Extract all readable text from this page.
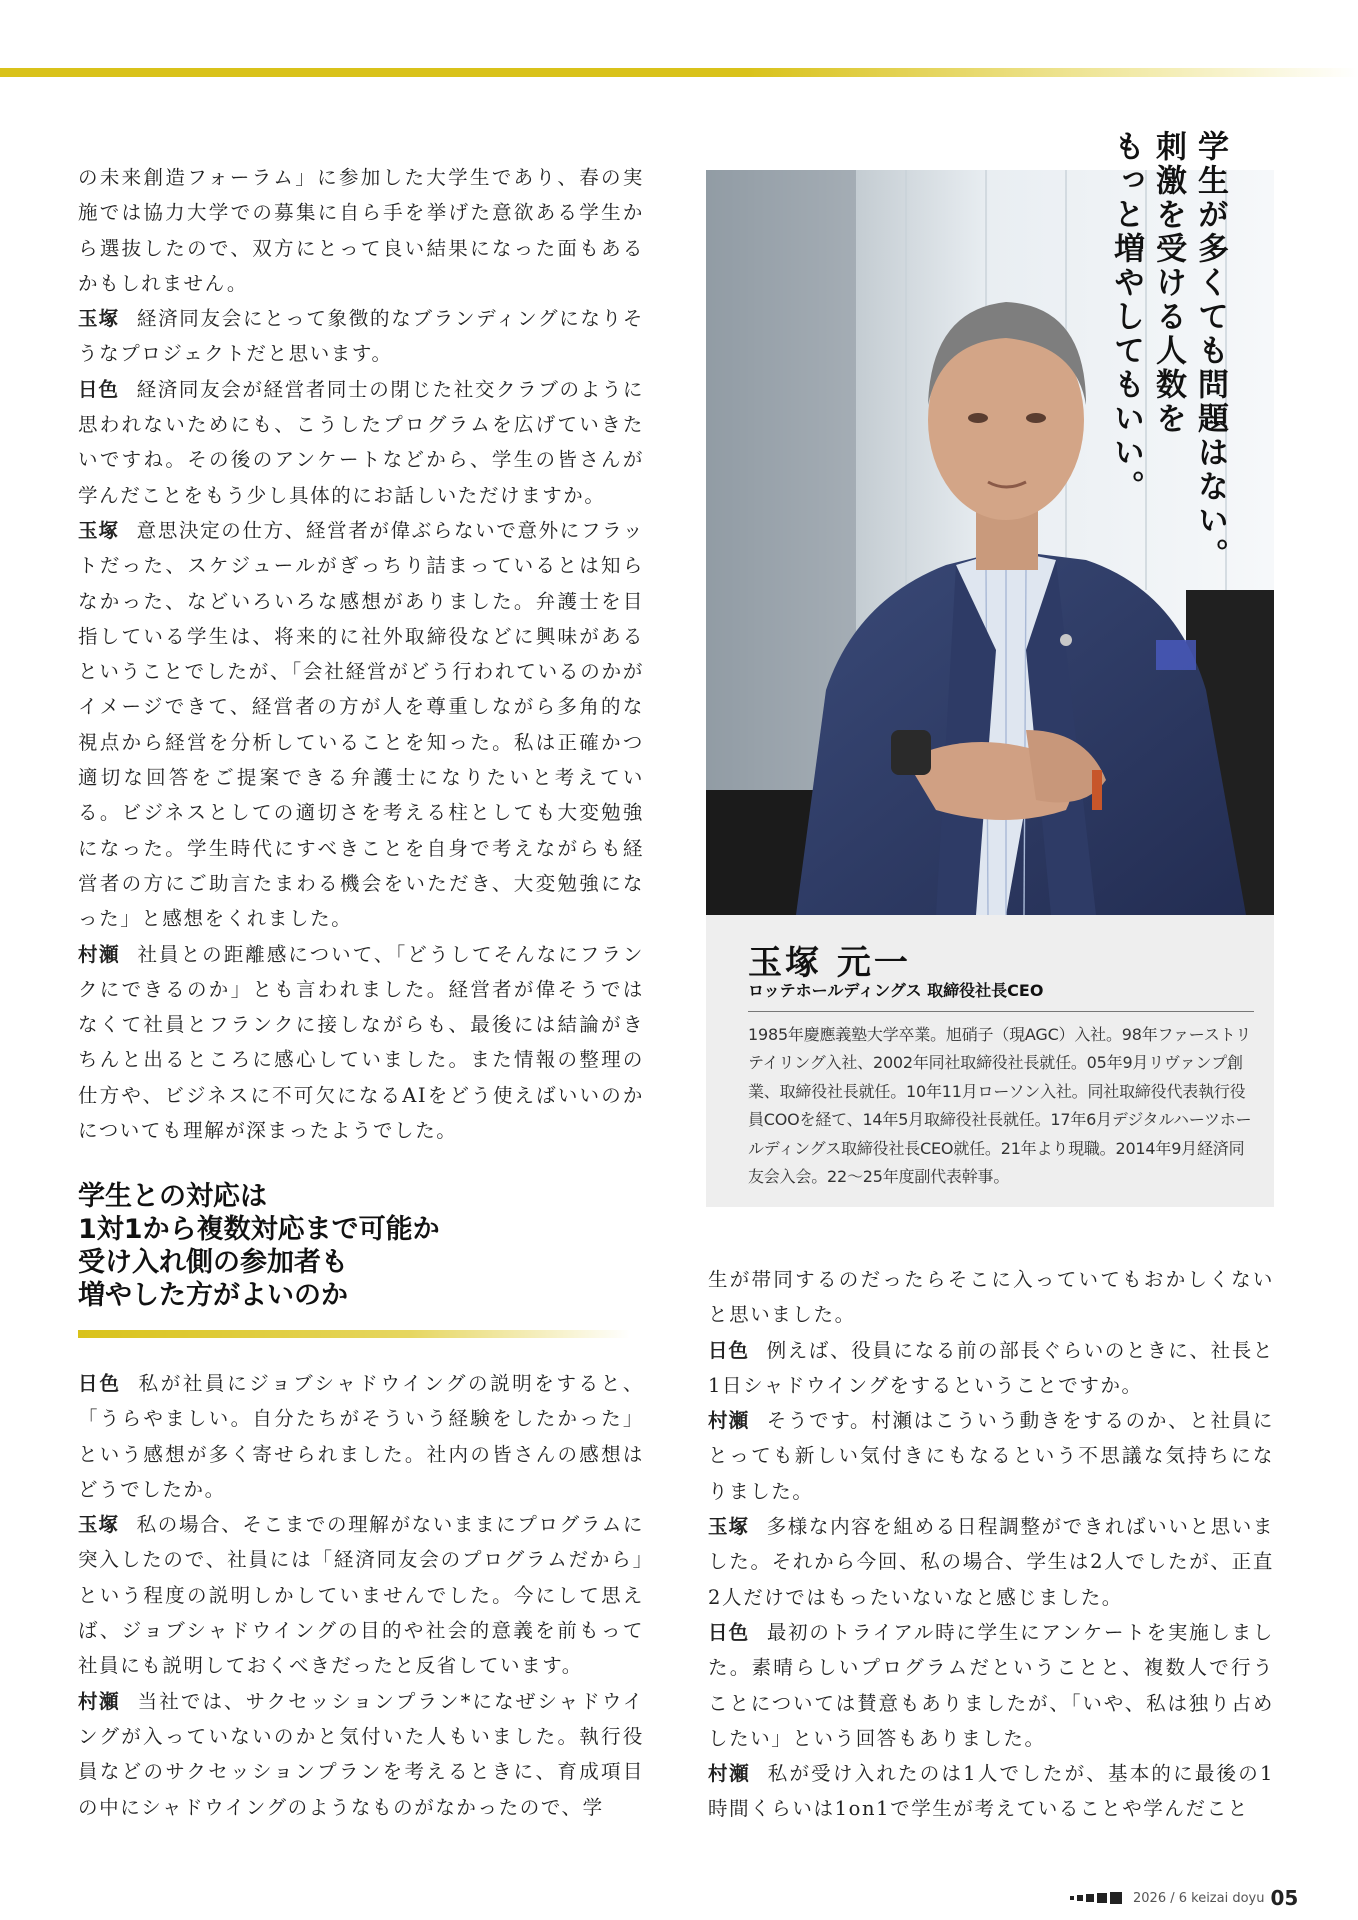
の未来創造フォーラム」に参加した大学生であり、春の実施では協力大学での募集に自ら手を挙げた意欲ある学生から選抜したので、双方にとって良い結果になった面もあるかもしれません。

玉塚 経済同友会にとって象徴的なブランディングになりそうなプロジェクトだと思います。

日色 経済同友会が経営者同士の閉じた社交クラブのように思われないためにも、こうしたプログラムを広げていきたいですね。その後のアンケートなどから、学生の皆さんが学んだことをもう少し具体的にお話しいただけますか。

玉塚 意思決定の仕方、経営者が偉ぶらないで意外にフラットだった、スケジュールがぎっちり詰まっているとは知らなかった、などいろいろな感想がありました。弁護士を目指している学生は、将来的に社外取締役などに興味があるということでしたが、「会社経営がどう行われているのかがイメージできて、経営者の方が人を尊重しながら多角的な視点から経営を分析していることを知った。私は正確かつ適切な回答をご提案できる弁護士になりたいと考えている。ビジネスとしての適切さを考える柱としても大変勉強になった。学生時代にすべきことを自身で考えながらも経営者の方にご助言たまわる機会をいただき、大変勉強になった」と感想をくれました。

村瀬 社員との距離感について、「どうしてそんなにフランクにできるのか」とも言われました。経営者が偉そうではなくて社員とフランクに接しながらも、最後には結論がきちんと出るところに感心していました。また情報の整理の仕方や、ビジネスに不可欠になるAIをどう使えばいいのかについても理解が深まったようでした。

学生との対応は
1対1から複数対応まで可能か
受け入れ側の参加者も
増やした方がよいのか

日色 私が社員にジョブシャドウイングの説明をすると、「うらやましい。自分たちがそういう経験をしたかった」という感想が多く寄せられました。社内の皆さんの感想はどうでしたか。

玉塚 私の場合、そこまでの理解がないままにプログラムに突入したので、社員には「経済同友会のプログラムだから」という程度の説明しかしていませんでした。今にして思えば、ジョブシャドウイングの目的や社会的意義を前もって社員にも説明しておくべきだったと反省しています。

村瀬 当社では、サクセッションプラン*になぜシャドウイングが入っていないのかと気付いた人もいました。執行役員などのサクセッションプランを考えるときに、育成項目の中にシャドウイングのようなものがなかったので、学

学生が多くても問題はない。
刺激を受ける人数を
もっと増やしてもいい。
玉塚 元一
ロッテホールディングス 取締役社長CEO
1985年慶應義塾大学卒業。旭硝子（現AGC）入社。98年ファーストリテイリング入社、2002年同社取締役社長就任。05年9月リヴァンプ創業、取締役社長就任。10年11月ローソン入社。同社取締役代表執行役員COOを経て、14年5月取締役社長就任。17年6月デジタルハーツホールディングス取締役社長CEO就任。21年より現職。2014年9月経済同友会入会。22～25年度副代表幹事。

生が帯同するのだったらそこに入っていてもおかしくないと思いました。

日色 例えば、役員になる前の部長ぐらいのときに、社長と1日シャドウイングをするということですか。

村瀬 そうです。村瀬はこういう動きをするのか、と社員にとっても新しい気付きにもなるという不思議な気持ちになりました。

玉塚 多様な内容を組める日程調整ができればいいと思いました。それから今回、私の場合、学生は2人でしたが、正直2人だけではもったいないなと感じました。

日色 最初のトライアル時に学生にアンケートを実施しました。素晴らしいプログラムだということと、複数人で行うことについては賛意もありましたが、「いや、私は独り占めしたい」という回答もありました。

村瀬 私が受け入れたのは1人でしたが、基本的に最後の1時間くらいは1on1で学生が考えていることや学んだこと

2026 / 6 keizai doyu 05
